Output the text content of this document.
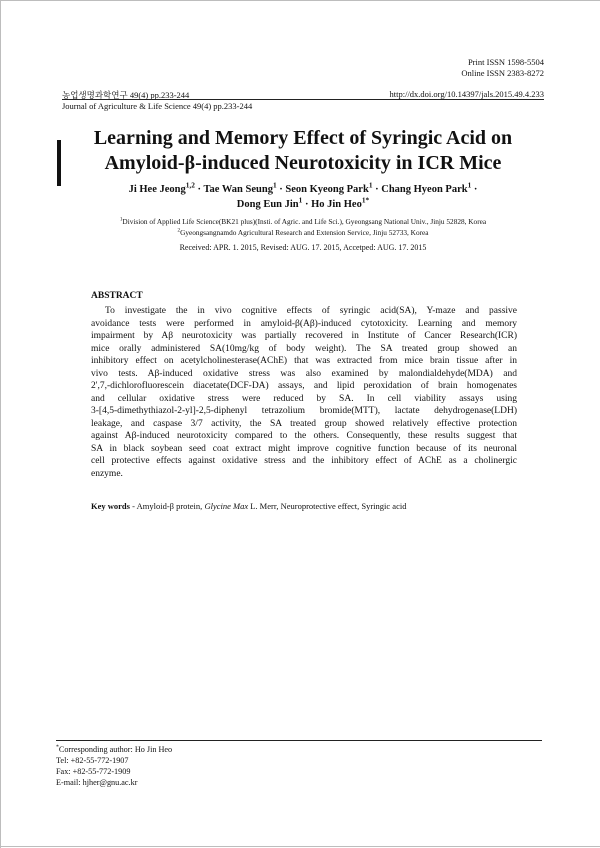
Print ISSN 1598-5504
Online ISSN 2383-8272
농업생명과학연구 49(4) pp.233-244	http://dx.doi.org/10.14397/jals.2015.49.4.233
Journal of Agriculture & Life Science 49(4) pp.233-244
Learning and Memory Effect of Syringic Acid on
Amyloid-β-induced Neurotoxicity in ICR Mice
Ji Hee Jeong$^{1,2}$ · Tae Wan Seung$^1$ · Seon Kyeong Park$^1$ · Chang Hyeon Park$^1$ ·
Dong Eun Jin$^1$ · Ho Jin Heo$^{1*}$
$^1$Division of Applied Life Science(BK21 plus)(Insti. of Agric. and Life Sci.), Gyeongsang National Univ., Jinju 52828, Korea
$^2$Gyeongsangnamdo Agricultural Research and Extension Service, Jinju 52733, Korea
Received: APR. 1. 2015, Revised: AUG. 17. 2015, Accetped: AUG. 17. 2015
ABSTRACT
To investigate the in vivo cognitive effects of syringic acid(SA), Y-maze and passive
avoidance tests were performed in amyloid-β(Aβ)-induced cytotoxicity. Learning and memory
impairment by Aβ neurotoxicity was partially recovered in Institute of Cancer Research(ICR)
mice orally administered SA(10mg/kg of body weight). The SA treated group showed an
inhibitory effect on acetylcholinesterase(AChE) that was extracted from mice brain tissue after in
vivo tests. Aβ-induced oxidative stress was also examined by malondialdehyde(MDA) and
2',7,-dichlorofluorescein diacetate(DCF-DA) assays, and lipid peroxidation of brain homogenates
and cellular oxidative stress were reduced by SA. In cell viability assays using
3-[4,5-dimethythiazol-2-yl]-2,5-diphenyl tetrazolium bromide(MTT), lactate dehydrogenase(LDH)
leakage, and caspase 3/7 activity, the SA treated group showed relatively effective protection
against Aβ-induced neurotoxicity compared to the others. Consequently, these results suggest that
SA in black soybean seed coat extract might improve cognitive function because of its neuronal
cell protective effects against oxidative stress and the inhibitory effect of AChE as a cholinergic
enzyme.
Key words - Amyloid-β protein, Glycine Max L. Merr, Neuroprotective effect, Syringic acid
*Corresponding author: Ho Jin Heo
Tel: +82-55-772-1907
Fax: +82-55-772-1909
E-mail: hjher@gnu.ac.kr
